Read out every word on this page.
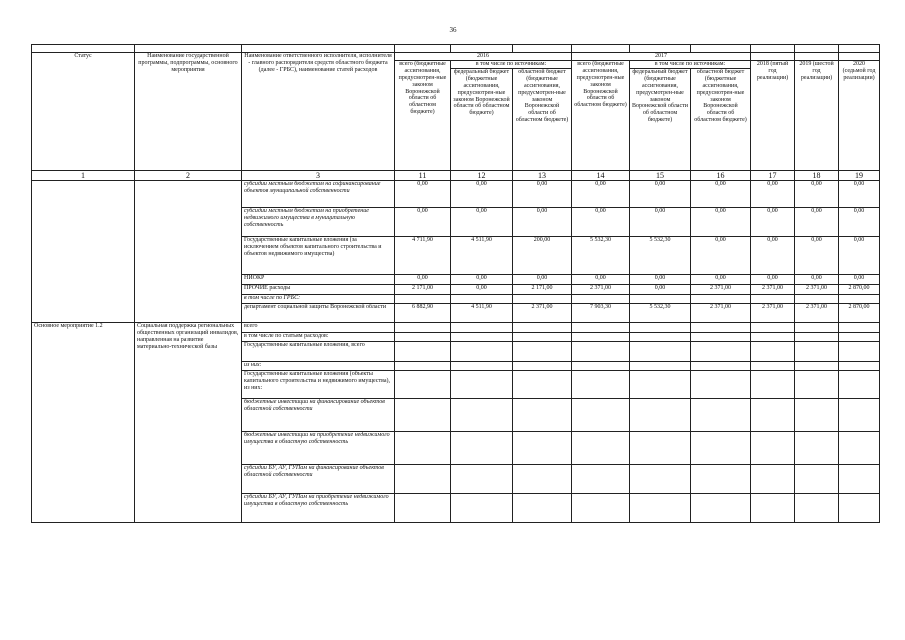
36

Статус	Наименование государственной программы, подпрограммы, основного мероприятия	Наименование ответственного исполнителя, исполнителя - главного распорядителя средств областного бюджета (далее - ГРБС), наименование статей расходов	2016			2017					
			всего (бюджетные ассигнования, предусмотрен-ные законом Воронежской области об областном бюджете)	в том числе по источникам:		всего (бюджетные ассигнования, предусмотрен-ные законом Воронежской области об областном бюджете)	в том числе по источникам:		2018 (пятый год реализации)	2019 (шестой год реализации)	2020 (седьмой год реализации)
				федеральный бюджет (бюджетные ассигнования, предусмотрен-ные законом Воронежской области об областном бюджете)	областной бюджет (бюджетные ассигнования, предусмотрен-ные законом Воронежской области об областном бюджете)		федеральный бюджет (бюджетные ассигнования, предусмотрен-ные законом Воронежской области об областном бюджете)	областной бюджет (бюджетные ассигнования, предусмотрен-ные законом Воронежской области об областном бюджете)			
1	2	3	11	12	13	14	15	16	17	18	19
		субсидии местным бюджетам на софинансирование объектов муниципальной собственности	0,00	0,00	0,00	0,00	0,00	0,00	0,00	0,00	0,00
		субсидии местным бюджетам на приобретение недвижимого имущества в муниципальную собственность	0,00	0,00	0,00	0,00	0,00	0,00	0,00	0,00	0,00
		Государственные капитальные вложения (за исключением объектов капитального строительства и объектов недвижимого имущества)	4 711,90	4 511,90	200,00	5 532,30	5 532,30	0,00	0,00	0,00	0,00
		НИОКР	0,00	0,00	0,00	0,00	0,00	0,00	0,00	0,00	0,00
		ПРОЧИЕ расходы	2 171,00	0,00	2 171,00	2 371,00	0,00	2 371,00	2 371,00	2 371,00	2 870,00
		в том числе по ГРБС:									
		департамент социальной защиты Воронежской области	6 882,90	4 511,90	2 371,00	7 903,30	5 532,30	2 371,00	2 371,00	2 371,00	2 870,00
Основное мероприятие 1.2	Социальная поддержка региональных общественных организаций инвалидов, направленная на развитие материально-технической базы	всего									
		в том числе по статьям расходов:									
		Государственные капитальные вложения, всего									
		из них:									
		Государственные капитальные вложения (объекты капитального строительства и недвижимого имущества), из них:									
		бюджетные инвестиции на финансирование объектов областной собственности									
		бюджетные инвестиции на приобретение недвижимого имущества в областную собственность									
		субсидии БУ, АУ, ГУПам на финансирование объектов областной собственности									
		субсидии БУ, АУ, ГУПам на приобретение недвижимого имущества в областную собственность									
